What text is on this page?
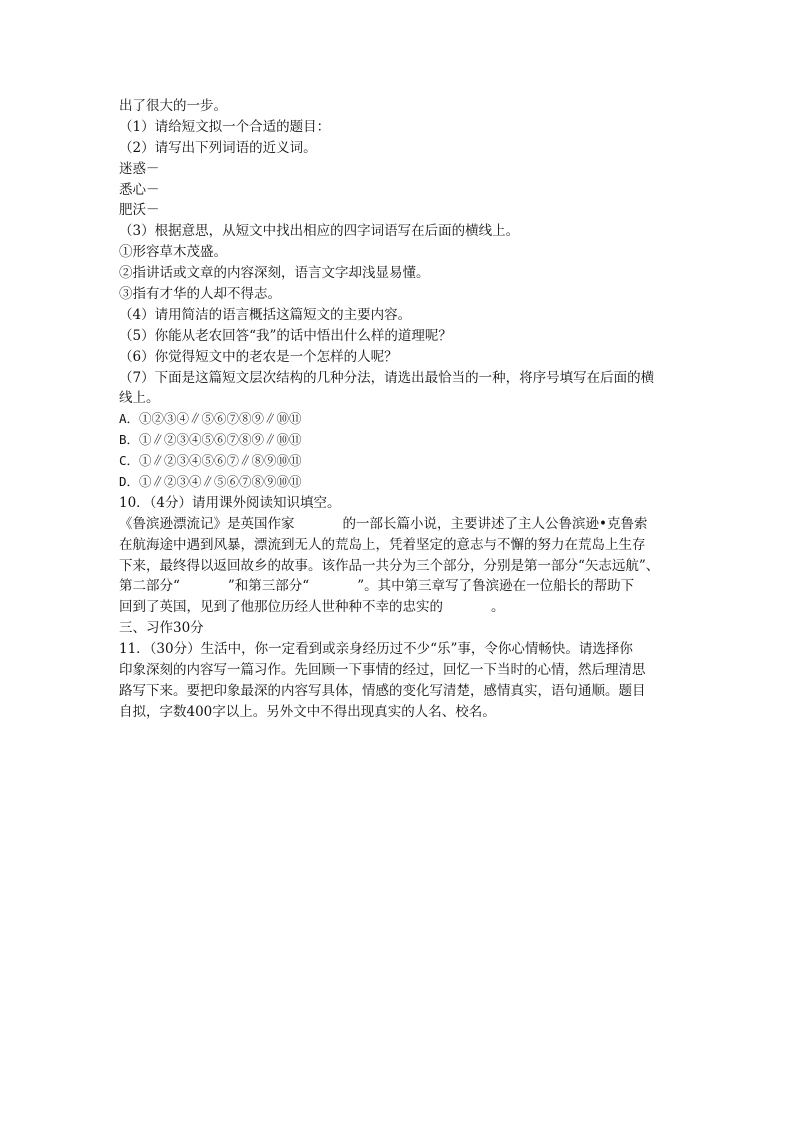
出了很大的一步。
（1）请给短文拟一个合适的题目：
（2）请写出下列词语的近义词。
迷惑－
悉心－
肥沃－
（3）根据意思，从短文中找出相应的四字词语写在后面的横线上。
①形容草木茂盛。
②指讲话或文章的内容深刻，语言文字却浅显易懂。
③指有才华的人却不得志。
（4）请用简洁的语言概括这篇短文的主要内容。
（5）你能从老农回答“我”的话中悟出什么样的道理呢？
（6）你觉得短文中的老农是一个怎样的人呢？
（7）下面是这篇短文层次结构的几种分法，请选出最恰当的一种，将序号填写在后面的横
线上。
A．①②③④∥⑤⑥⑦⑧⑨∥⑩⑪
B．①∥②③④⑤⑥⑦⑧⑨∥⑩⑪
C．①∥②③④⑤⑥⑦∥⑧⑨⑩⑪
D．①∥②③④∥⑤⑥⑦⑧⑨⑩⑪
10．（4分）请用课外阅读知识填空。
《鲁滨逊漂流记》是英国作家	的一部长篇小说，主要讲述了主人公鲁滨逊•克鲁索
在航海途中遇到风暴，漂流到无人的荒岛上，凭着坚定的意志与不懈的努力在荒岛上生存
下来，最终得以返回故乡的故事。该作品一共分为三个部分，分别是第一部分“矢志远航”、
第二部分“	”和第三部分“	”。其中第三章写了鲁滨逊在一位船长的帮助下
回到了英国，见到了他那位历经人世种种不幸的忠实的	。
三、习作30分
11．（30分）生活中，你一定看到或亲身经历过不少“乐”事，令你心情畅快。请选择你
印象深刻的内容写一篇习作。先回顾一下事情的经过，回忆一下当时的心情，然后理清思
路写下来。要把印象最深的内容写具体，情感的变化写清楚，感情真实，语句通顺。题目
自拟，字数400字以上。另外文中不得出现真实的人名、校名。
